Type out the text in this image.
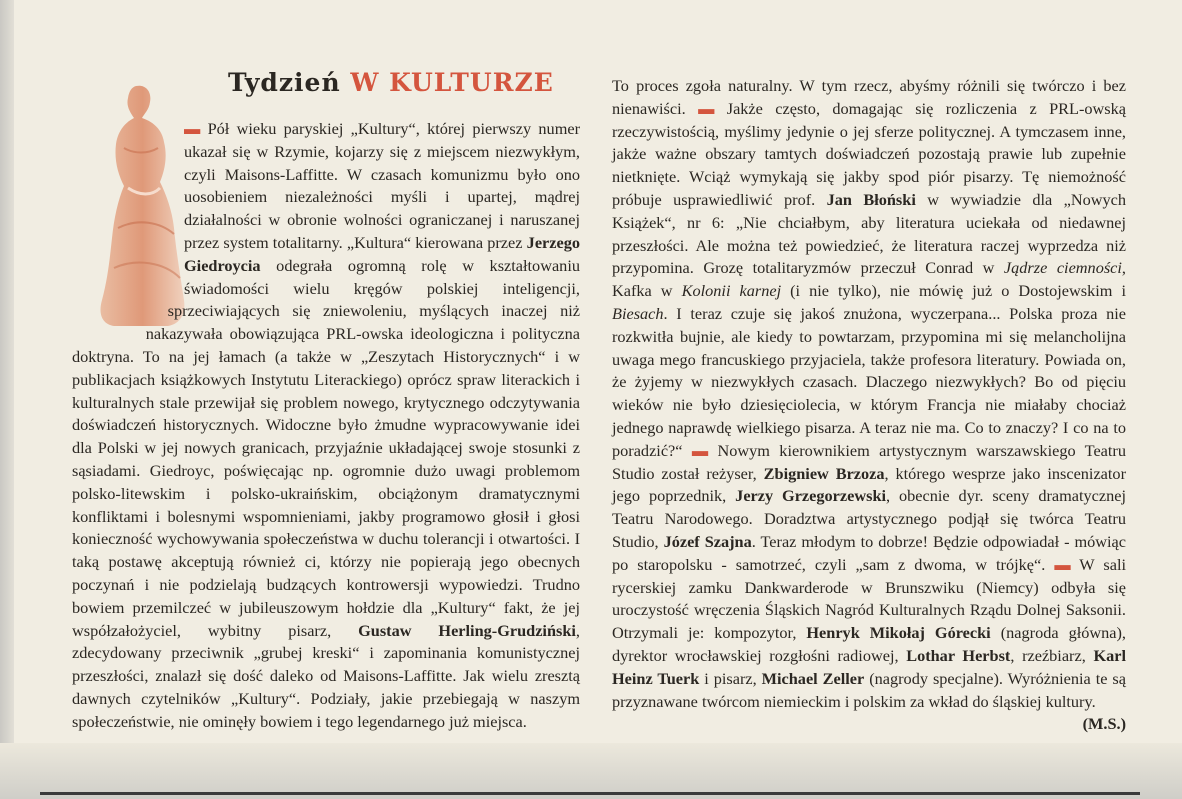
Tydzień W KULTURZE
▬ Pół wieku paryskiej „Kultury“, której pierwszy numer ukazał się w Rzymie, kojarzy się z miejscem niezwykłym, czyli Maisons-Laffitte. W czasach komunizmu było ono uosobieniem niezależności myśli i upartej, mądrej działalności w obronie wolności ograniczanej i naruszanej przez system totalitarny. „Kultura“ kierowana przez Jerzego Giedroycia odegrała ogromną rolę w kształtowaniu świadomości wielu kręgów polskiej inteligencji, sprzeciwiających się zniewoleniu, myślących inaczej niż nakazywała obowiązująca PRL-owska ideologiczna i polityczna doktryna. To na jej łamach (a także w „Zeszytach Historycznych“ i w publikacjach książkowych Instytutu Literackiego) oprócz spraw literackich i kulturalnych stale przewijał się problem nowego, krytycznego odczytywania doświadczeń historycznych. Widoczne było żmudne wypracowywanie idei dla Polski w jej nowych granicach, przyjaźnie układającej swoje stosunki z sąsiadami. Giedroyc, poświęcając np. ogromnie dużo uwagi problemom polsko-litewskim i polsko-ukraińskim, obciążonym dramatycznymi konfliktami i bolesnymi wspomnieniami, jakby programowo głosił i głosi konieczność wychowywania społeczeństwa w duchu tolerancji i otwartości. I taką postawę akceptują również ci, którzy nie popierają jego obecnych poczynań i nie podzielają budzących kontrowersji wypowiedzi. Trudno bowiem przemilczeć w jubileuszowym hołdzie dla „Kultury“ fakt, że jej współzałożyciel, wybitny pisarz, Gustaw Herling-Grudziński, zdecydowany przeciwnik „grubej kreski“ i zapominania komunistycznej przeszłości, znalazł się dość daleko od Maisons-Laffitte. Jak wielu zresztą dawnych czytelników „Kultury“. Podziały, jakie przebiegają w naszym społeczeństwie, nie ominęły bowiem i tego legendarnego już miejsca.
To proces zgoła naturalny. W tym rzecz, abyśmy różnili się twórczo i bez nienawiści. ▬ Jakże często, domagając się rozliczenia z PRL-owską rzeczywistością, myślimy jedynie o jej sferze politycznej. A tymczasem inne, jakże ważne obszary tamtych doświadczeń pozostają prawie lub zupełnie nietknięte. Wciąż wymykają się jakby spod piór pisarzy. Tę niemożność próbuje usprawiedliwić prof. Jan Błoński w wywiadzie dla „Nowych Książek“, nr 6: „Nie chciałbym, aby literatura uciekała od niedawnej przeszłości. Ale można też powiedzieć, że literatura raczej wyprzedza niż przypomina. Grozę totalitaryzmów przeczuł Conrad w Jądrze ciemności, Kafka w Kolonii karnej (i nie tylko), nie mówię już o Dostojewskim i Biesach. I teraz czuje się jakoś znużona, wyczerpana... Polska proza nie rozkwitła bujnie, ale kiedy to powtarzam, przypomina mi się melancholijna uwaga mego francuskiego przyjaciela, także profesora literatury. Powiada on, że żyjemy w niezwykłych czasach. Dlaczego niezwykłych? Bo od pięciu wieków nie było dziesięciolecia, w którym Francja nie miałaby chociaż jednego naprawdę wielkiego pisarza. A teraz nie ma. Co to znaczy? I co na to poradzić?“ ▬ Nowym kierownikiem artystycznym warszawskiego Teatru Studio został reżyser, Zbigniew Brzoza, którego wesprze jako inscenizator jego poprzednik, Jerzy Grzegorzewski, obecnie dyr. sceny dramatycznej Teatru Narodowego. Doradztwa artystycznego podjął się twórca Teatru Studio, Józef Szajna. Teraz młodym to dobrze! Będzie odpowiadał - mówiąc po staropolsku - samotrzeć, czyli „sam z dwoma, w trójkę“. ▬ W sali rycerskiej zamku Dankwarderode w Brunszwiku (Niemcy) odbyła się uroczystość wręczenia Śląskich Nagród Kulturalnych Rządu Dolnej Saksonii. Otrzymali je: kompozytor, Henryk Mikołaj Górecki (nagroda główna), dyrektor wrocławskiej rozgłośni radiowej, Lothar Herbst, rzeźbiarz, Karl Heinz Tuerk i pisarz, Michael Zeller (nagrody specjalne). Wyróżnienia te są przyznawane twórcom niemieckim i polskim za wkład do śląskiej kultury.
(M.S.)
